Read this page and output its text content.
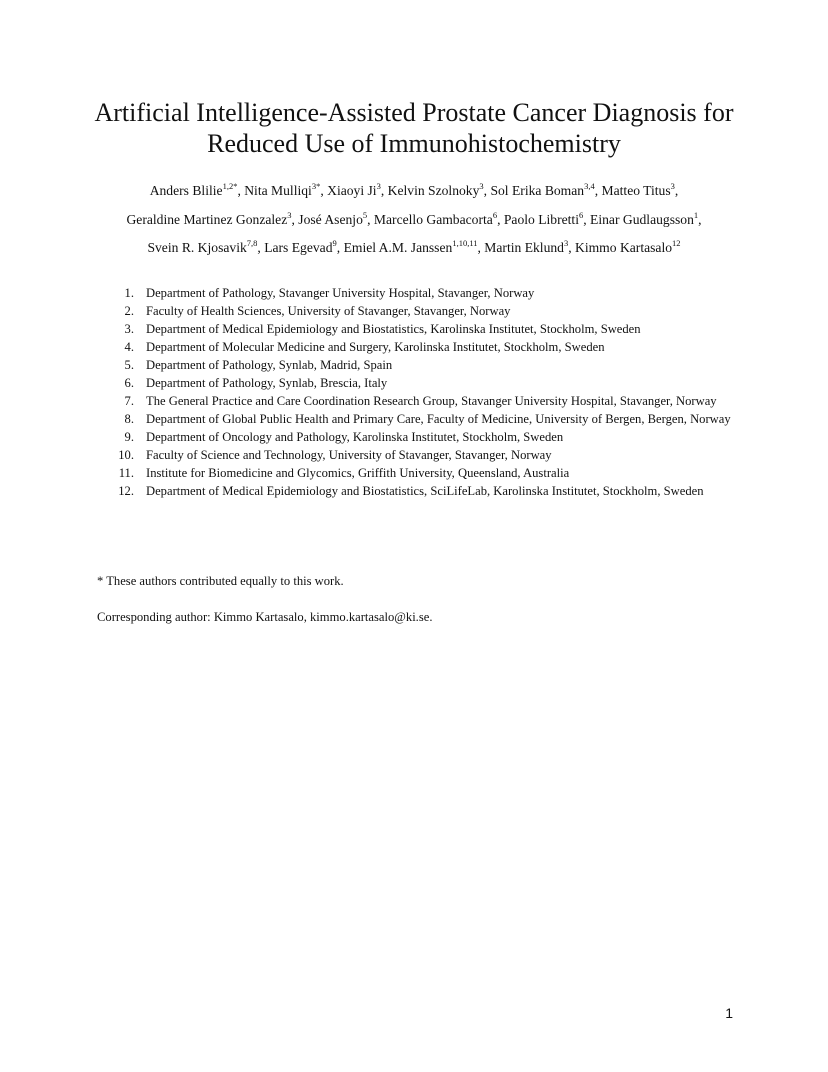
Artificial Intelligence-Assisted Prostate Cancer Diagnosis for
Reduced Use of Immunohistochemistry
Anders Blilie$^{1,2*}$, Nita Mulliqi$^{3*}$, Xiaoyi Ji$^3$, Kelvin Szolnoky$^3$, Sol Erika Boman$^{3,4}$, Matteo Titus$^3$,
Geraldine Martinez Gonzalez$^3$, José Asenjo$^5$, Marcello Gambacorta$^6$, Paolo Libretti$^6$, Einar Gudlaugsson$^1$,
Svein R. Kjosavik$^{7,8}$, Lars Egevad$^9$, Emiel A.M. Janssen$^{1,10,11}$, Martin Eklund$^3$, Kimmo Kartasalo$^{12}$
1. Department of Pathology, Stavanger University Hospital, Stavanger, Norway
2. Faculty of Health Sciences, University of Stavanger, Stavanger, Norway
3. Department of Medical Epidemiology and Biostatistics, Karolinska Institutet, Stockholm, Sweden
4. Department of Molecular Medicine and Surgery, Karolinska Institutet, Stockholm, Sweden
5. Department of Pathology, Synlab, Madrid, Spain
6. Department of Pathology, Synlab, Brescia, Italy
7. The General Practice and Care Coordination Research Group, Stavanger University Hospital, Stavanger, Norway
8. Department of Global Public Health and Primary Care, Faculty of Medicine, University of Bergen, Bergen, Norway
9. Department of Oncology and Pathology, Karolinska Institutet, Stockholm, Sweden
10. Faculty of Science and Technology, University of Stavanger, Stavanger, Norway
11. Institute for Biomedicine and Glycomics, Griffith University, Queensland, Australia
12. Department of Medical Epidemiology and Biostatistics, SciLifeLab, Karolinska Institutet, Stockholm, Sweden
* These authors contributed equally to this work.
Corresponding author: Kimmo Kartasalo, kimmo.kartasalo@ki.se.
1
